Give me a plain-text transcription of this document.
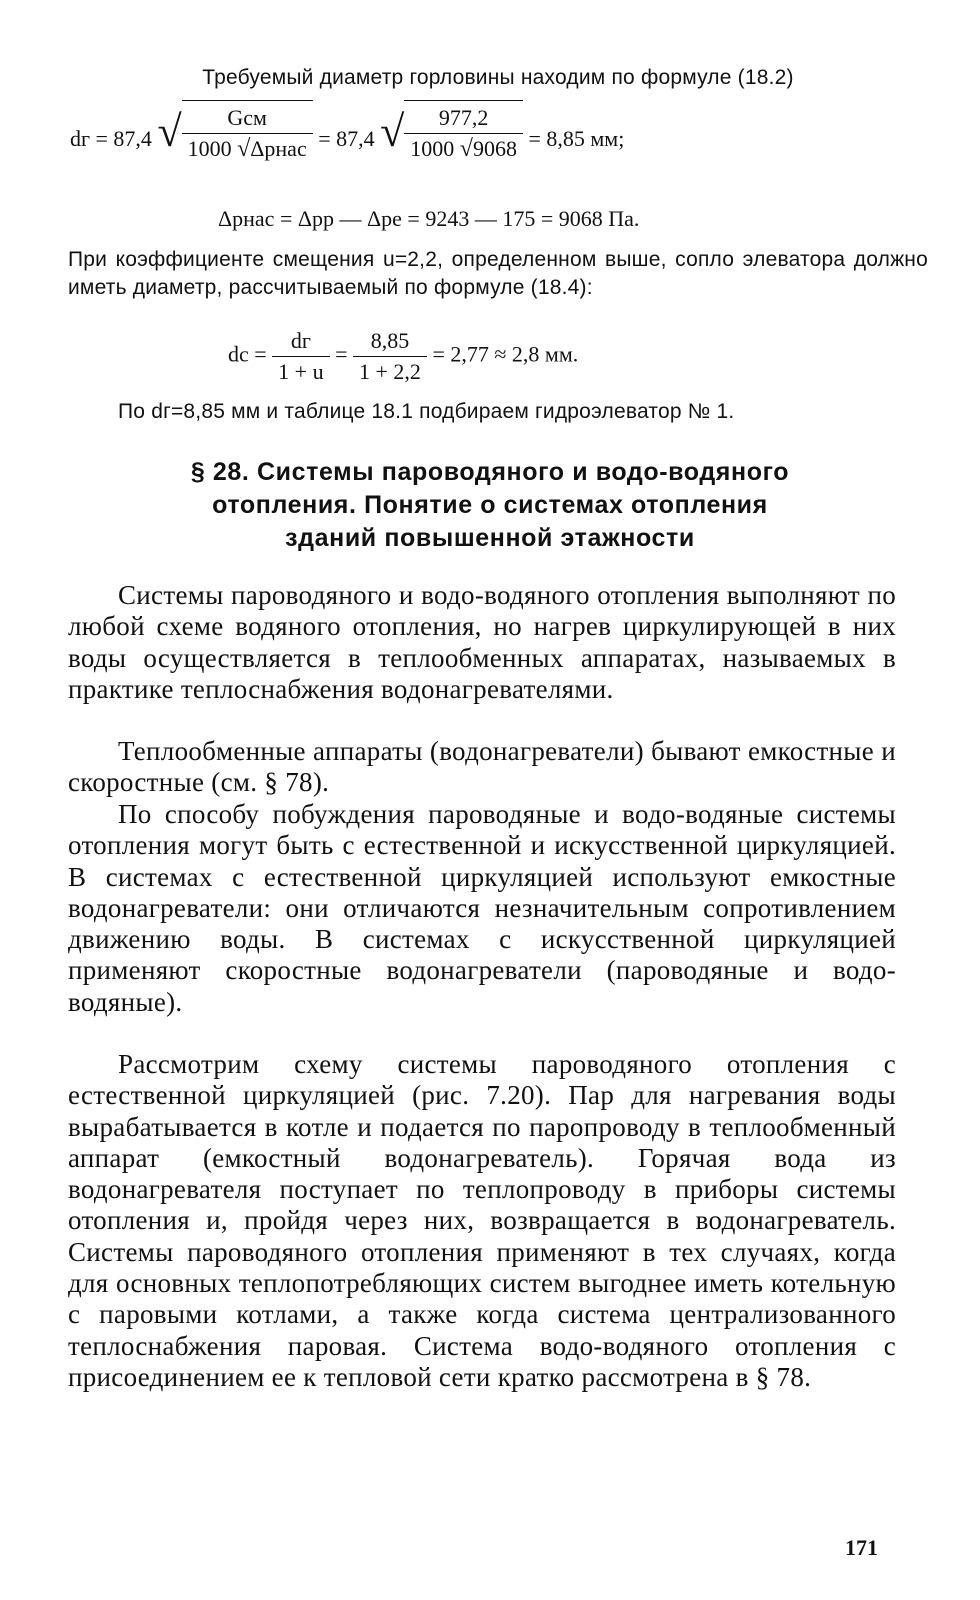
Требуемый диаметр горловины находим по формуле (18.2)
dг = 87,4 √ $\frac{\text{Gсм}}{\text{1000 √Δpнас}} = 87,4$ √ $\frac{977,2}{1000 √9068} = 8,85$ мм;
Δpнас = Δpp — Δpe = 9243 — 175 = 9068 Па.
При коэффициенте смещения u=2,2, определенном выше, сопло элеватора должно иметь диаметр, рассчитываемый по формуле (18.4):
dc = $\frac{dг}{1 + u} = \frac{8,85}{1 + 2,2} = 2,77 \approx 2,8$ мм.
По dг=8,85 мм и таблице 18.1 подбираем гидроэлеватор № 1.
§ 28. Системы пароводяного и водо-водяного
отопления. Понятие о системах отопления
зданий повышенной этажности
Системы пароводяного и водо-водяного отопления выполняют по любой схеме водяного отопления, но нагрев циркулирующей в них воды осуществляется в теплообменных аппаратах, называемых в практике теплоснабжения водонагревателями.
Теплообменные аппараты (водонагреватели) бывают емкостные и скоростные (см. § 78).
По способу побуждения пароводяные и водо-водяные системы отопления могут быть с естественной и искусственной циркуляцией. В системах с естественной циркуляцией используют емкостные водонагреватели: они отличаются незначительным сопротивлением движению воды. В системах с искусственной циркуляцией применяют скоростные водонагреватели (пароводяные и водо-водяные).
Рассмотрим схему системы пароводяного отопления с естественной циркуляцией (рис. 7.20). Пар для нагревания воды вырабатывается в котле и подается по паропроводу в теплообменный аппарат (емкостный водонагреватель). Горячая вода из водонагревателя поступает по теплопроводу в приборы системы отопления и, пройдя через них, возвращается в водонагреватель. Системы пароводяного отопления применяют в тех случаях, когда для основных теплопотребляющих систем выгоднее иметь котельную с паровыми котлами, а также когда система централизованного теплоснабжения паровая. Система водо-водяного отопления с присоединением ее к тепловой сети кратко рассмотрена в § 78.
171
